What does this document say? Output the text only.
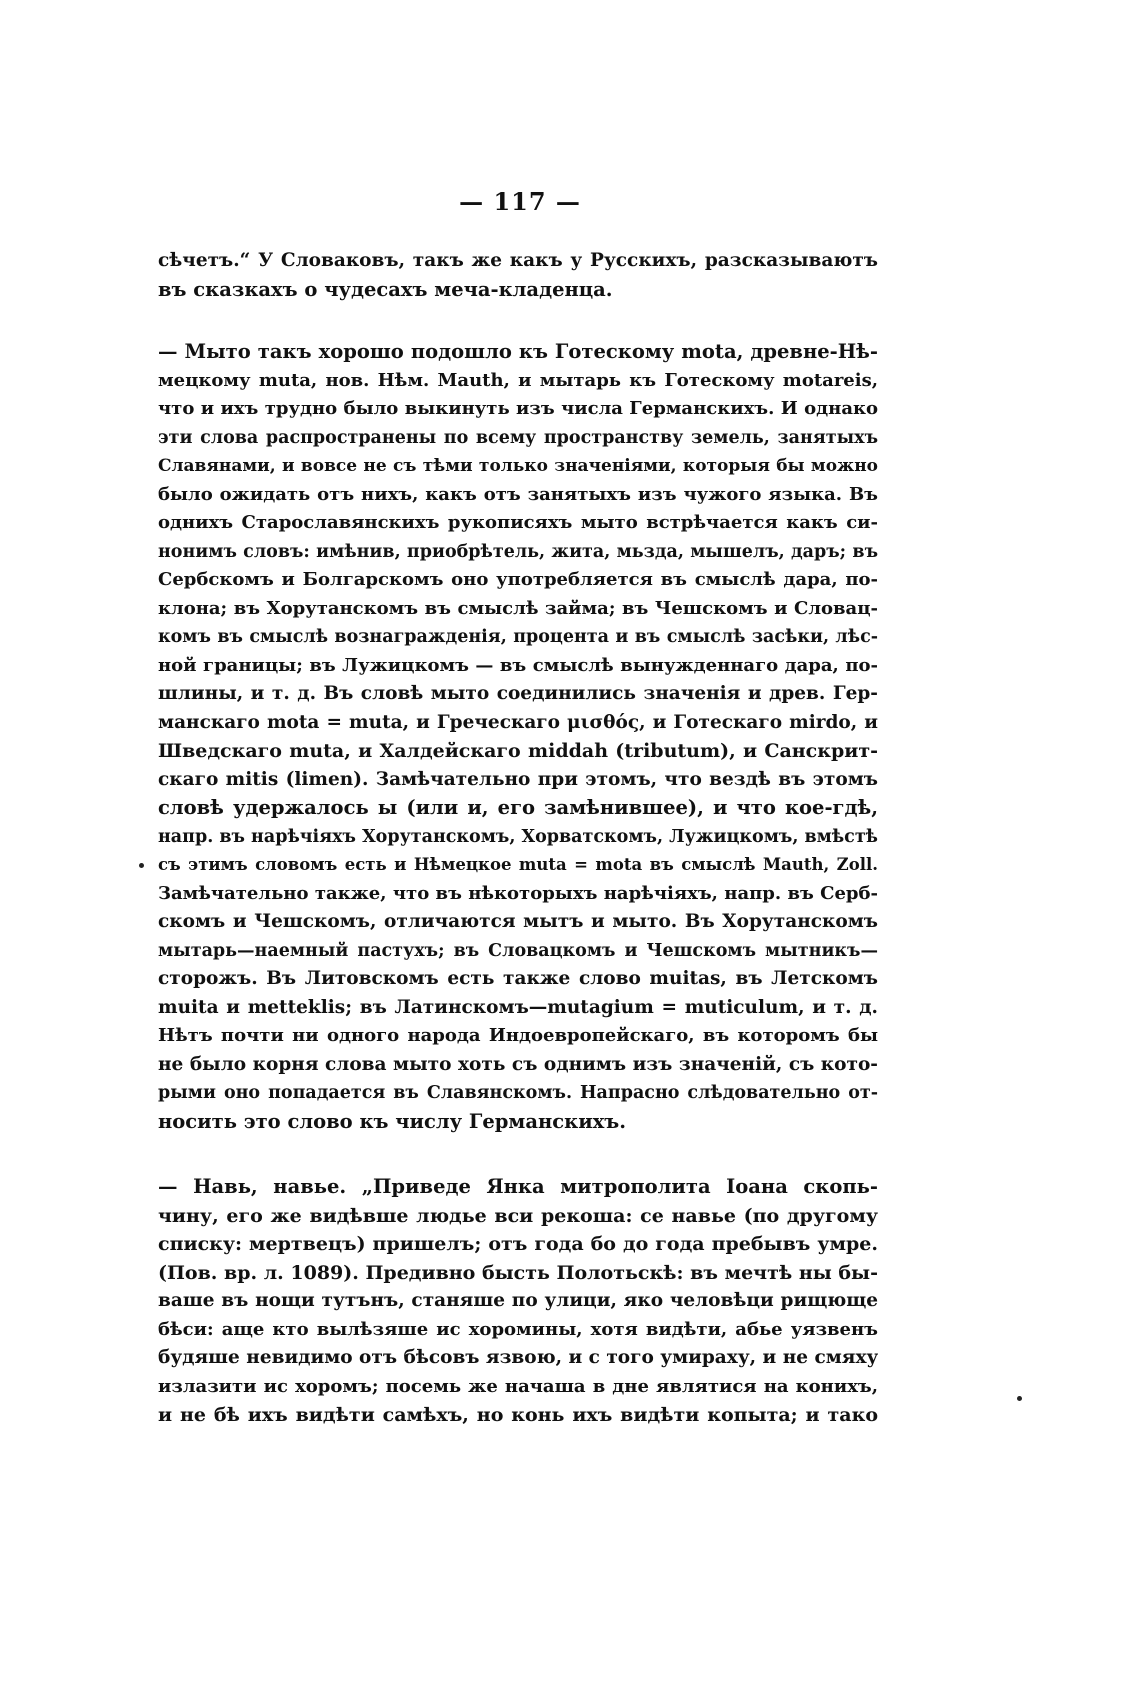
— 117 —
сѣчетъ.“ У Словаковъ, такъ же какъ у Русскихъ, разсказываютъ
въ сказкахъ о чудесахъ меча-кладенца.
— Мыто такъ хорошо подошло къ Готескому mota, древне-Нѣ-
мецкому muta, нов. Нѣм. Mauth, и мытарь къ Готескому motareis,
что и ихъ трудно было выкинуть изъ числа Германскихъ. И однако
эти слова распространены по всему пространству земель, занятыхъ
Славянами, и вовсе не съ тѣми только значеніями, которыя бы можно
было ожидать отъ нихъ, какъ отъ занятыхъ изъ чужого языка. Въ
однихъ Старославянскихъ рукописяхъ мыто встрѣчается какъ си-
нонимъ словъ: имѣнив, приобрѣтель, жита, мьзда, мышелъ, даръ; въ
Сербскомъ и Болгарскомъ оно употребляется въ смыслѣ дара, по-
клона; въ Хорутанскомъ въ смыслѣ займа; въ Чешскомъ и Словац-
комъ въ смыслѣ вознагражденія, процента и въ смыслѣ засѣки, лѣс-
ной границы; въ Лужицкомъ — въ смыслѣ вынужденнаго дара, по-
шлины, и т. д. Въ словѣ мыто соединились значенія и древ. Гер-
манскаго mota = muta, и Греческаго μισθός, и Готескаго mirdo, и
Шведскаго muta, и Халдейскаго middah (tributum), и Санскрит-
скаго mitis (limen). Замѣчательно при этомъ, что вездѣ въ этомъ
словѣ удержалось ы (или и, его замѣнившее), и что кое-гдѣ,
напр. въ нарѣчіяхъ Хорутанскомъ, Хорватскомъ, Лужицкомъ, вмѣстѣ
съ этимъ словомъ есть и Нѣмецкое muta = mota въ смыслѣ Mauth, Zoll.
Замѣчательно также, что въ нѣкоторыхъ нарѣчіяхъ, напр. въ Серб-
скомъ и Чешскомъ, отличаются мытъ и мыто. Въ Хорутанскомъ
мытарь—наемный пастухъ; въ Словацкомъ и Чешскомъ мытникъ—
сторожъ. Въ Литовскомъ есть также слово muitas, въ Летскомъ
muita и metteklis; въ Латинскомъ—mutagium = muticulum, и т. д.
Нѣтъ почти ни одного народа Индоевропейскаго, въ которомъ бы
не было корня слова мыто хоть съ однимъ изъ значеній, съ кото-
рыми оно попадается въ Славянскомъ. Напрасно слѣдовательно от-
носить это слово къ числу Германскихъ.
— Навь, навье. „Приведе Янка митрополита Іоана скопь-
чину, его же видѣвше людье вси рекоша: се навье (по другому
списку: мертвецъ) пришелъ; отъ года бо до года пребывъ умре.
(Пов. вр. л. 1089). Предивно бысть Полотьскѣ: въ мечтѣ ны бы-
ваше въ нощи тутънъ, станяше по улици, яко человѣци рищюще
бѣси: аще кто вылѣзяше ис хоромины, хотя видѣти, абье уязвенъ
будяше невидимо отъ бѣсовъ язвою, и с того умираху, и не смяху
излазити ис хоромъ; посемь же начаша в дне являтися на конихъ,
и не бѣ ихъ видѣти самѣхъ, но конь ихъ видѣти копыта; и тако
